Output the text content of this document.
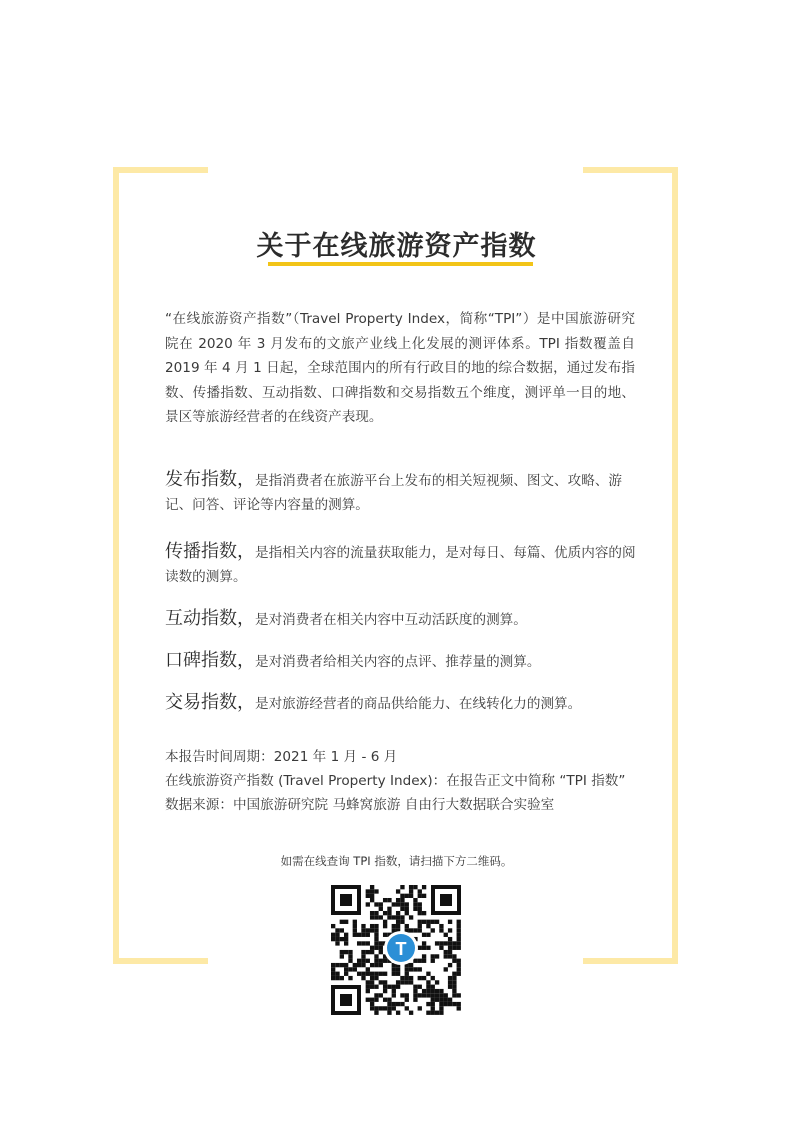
关于在线旅游资产指数

“在线旅游资产指数”（Travel Property Index，简称“TPI”）是中国旅游研究院在 2020 年 3 月发布的文旅产业线上化发展的测评体系。TPI 指数覆盖自 2019 年 4 月 1 日起，全球范围内的所有行政目的地的综合数据，通过发布指数、传播指数、互动指数、口碑指数和交易指数五个维度，测评单一目的地、景区等旅游经营者的在线资产表现。

发布指数，是指消费者在旅游平台上发布的相关短视频、图文、攻略、游记、问答、评论等内容量的测算。

传播指数，是指相关内容的流量获取能力，是对每日、每篇、优质内容的阅读数的测算。

互动指数，是对消费者在相关内容中互动活跃度的测算。

口碑指数，是对消费者给相关内容的点评、推荐量的测算。

交易指数，是对旅游经营者的商品供给能力、在线转化力的测算。

本报告时间周期：2021 年 1 月 - 6 月
在线旅游资产指数 (Travel Property Index)：在报告正文中简称 “TPI 指数”
数据来源：中国旅游研究院 马蜂窝旅游 自由行大数据联合实验室
如需在线查询 TPI 指数，请扫描下方二维码。
T
